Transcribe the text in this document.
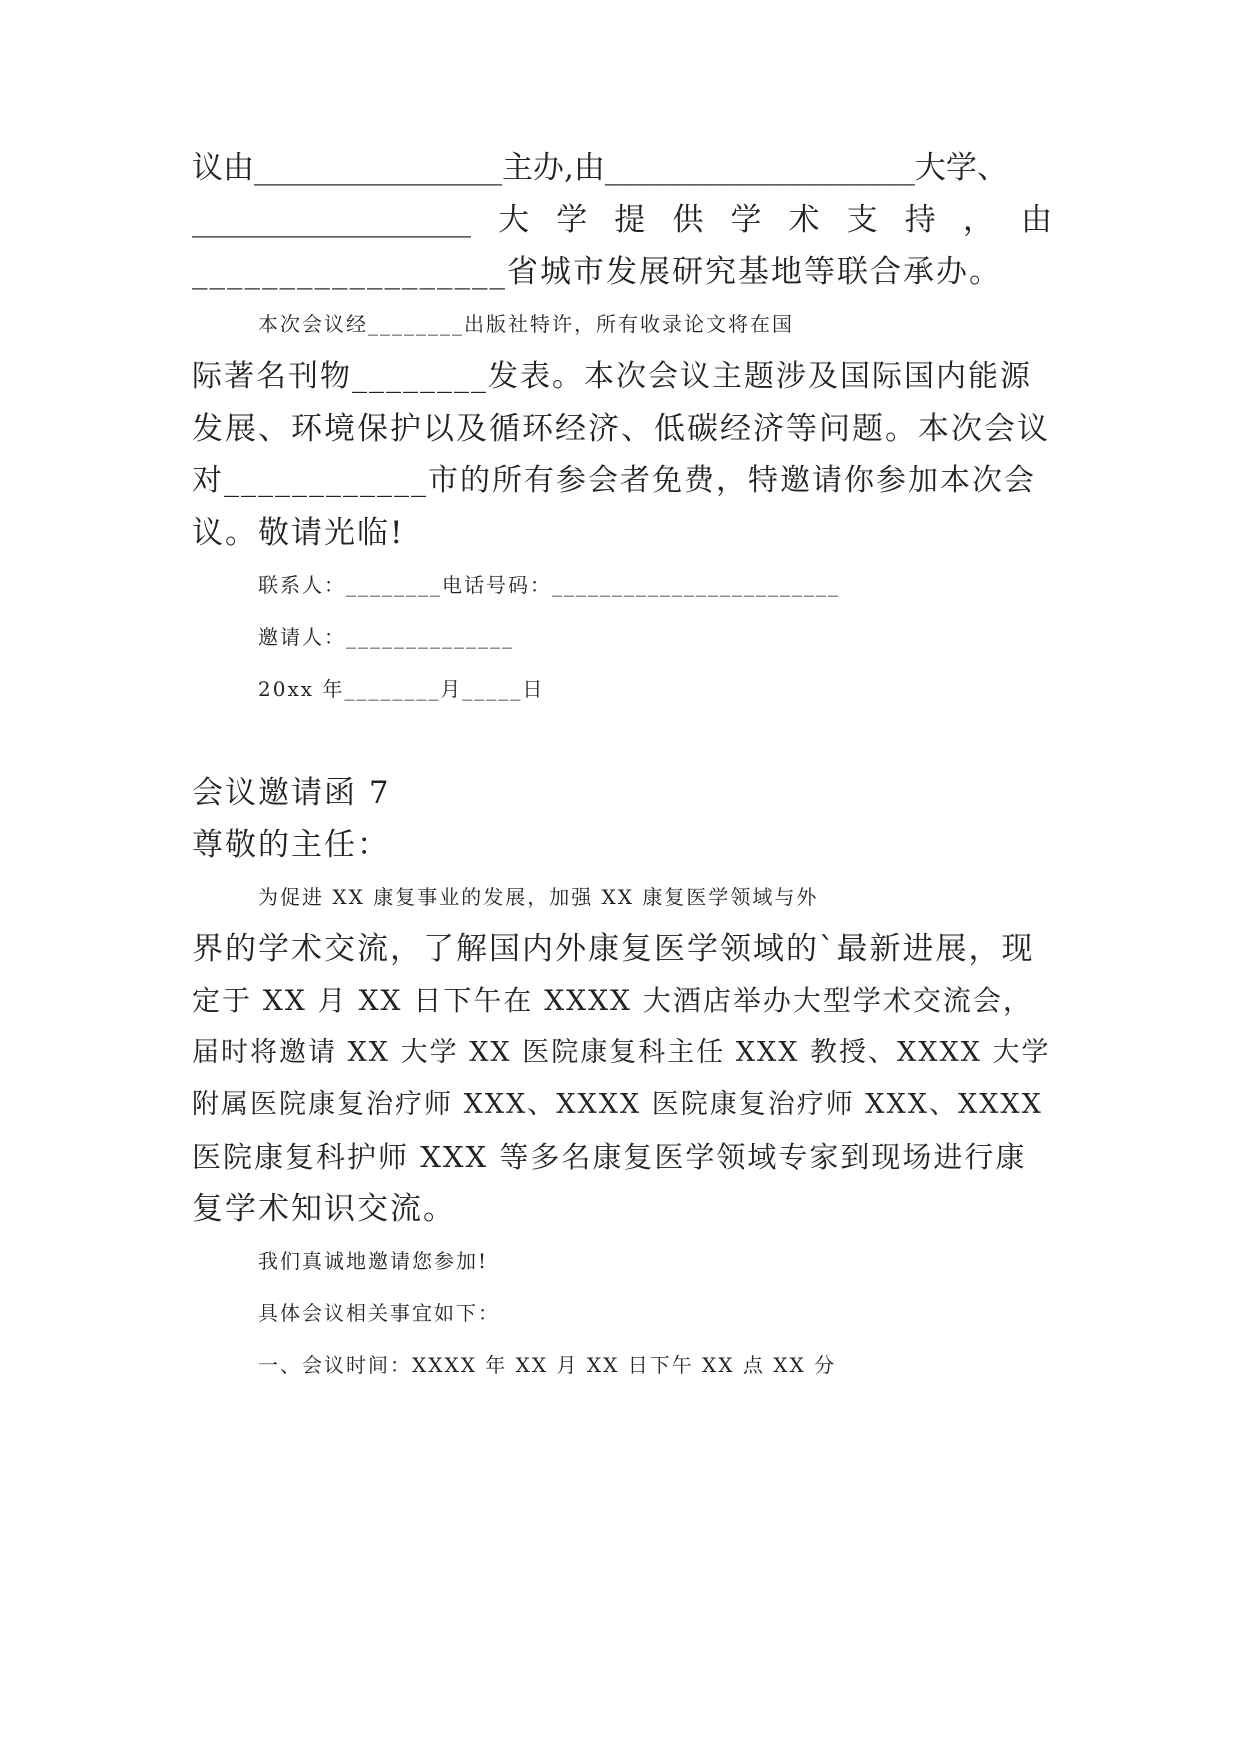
议由________________主办,由____________________大学、
__________________ 大 学 提 供 学 术 支 持 ， 由
__________________省城市发展研究基地等联合承办。
本次会议经________出版社特许，所有收录论文将在国
际著名刊物________发表。本次会议主题涉及国际国内能源
发展、环境保护以及循环经济、低碳经济等问题。本次会议
对____________市的所有参会者免费，特邀请你参加本次会
议。敬请光临!
联系人：________电话号码：________________________
邀请人：______________
20xx 年________月_____日
会议邀请函 7
尊敬的主任：
为促进 XX 康复事业的发展，加强 XX 康复医学领域与外
界的学术交流，了解国内外康复医学领域的`最新进展，现
定于 XX 月 XX 日下午在 XXXX 大酒店举办大型学术交流会，
届时将邀请 XX 大学 XX 医院康复科主任 XXX 教授、XXXX 大学
附属医院康复治疗师 XXX、XXXX 医院康复治疗师 XXX、XXXX
医院康复科护师 XXX 等多名康复医学领域专家到现场进行康
复学术知识交流。
我们真诚地邀请您参加!
具体会议相关事宜如下：
一、会议时间：XXXX 年 XX 月 XX 日下午 XX 点 XX 分
